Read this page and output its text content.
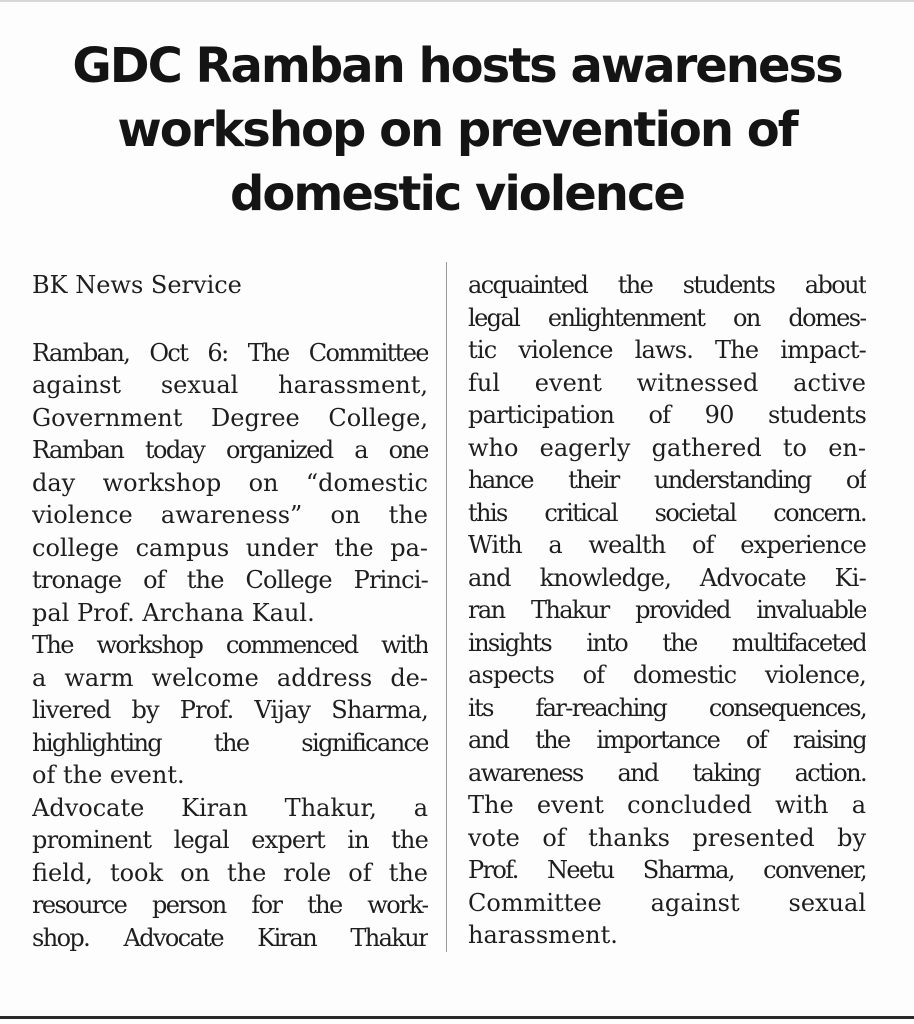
GDC Ramban hosts awareness
workshop on prevention of
domestic violence
BK News Service
Ramban, Oct 6: The Committee
against sexual harassment,
Government Degree College,
Ramban today organized a one
day workshop on “domestic
violence awareness” on the
college campus under the pa-
tronage of the College Princi-
pal Prof. Archana Kaul.
The workshop commenced with
a warm welcome address de-
livered by Prof. Vijay Sharma,
highlighting the significance
of the event.
Advocate Kiran Thakur, a
prominent legal expert in the
field, took on the role of the
resource person for the work-
shop. Advocate Kiran Thakur
acquainted the students about
legal enlightenment on domes-
tic violence laws. The impact-
ful event witnessed active
participation of 90 students
who eagerly gathered to en-
hance their understanding of
this critical societal concern.
With a wealth of experience
and knowledge, Advocate Ki-
ran Thakur provided invaluable
insights into the multifaceted
aspects of domestic violence,
its far-reaching consequences,
and the importance of raising
awareness and taking action.
The event concluded with a
vote of thanks presented by
Prof. Neetu Sharma, convener,
Committee against sexual
harassment.
